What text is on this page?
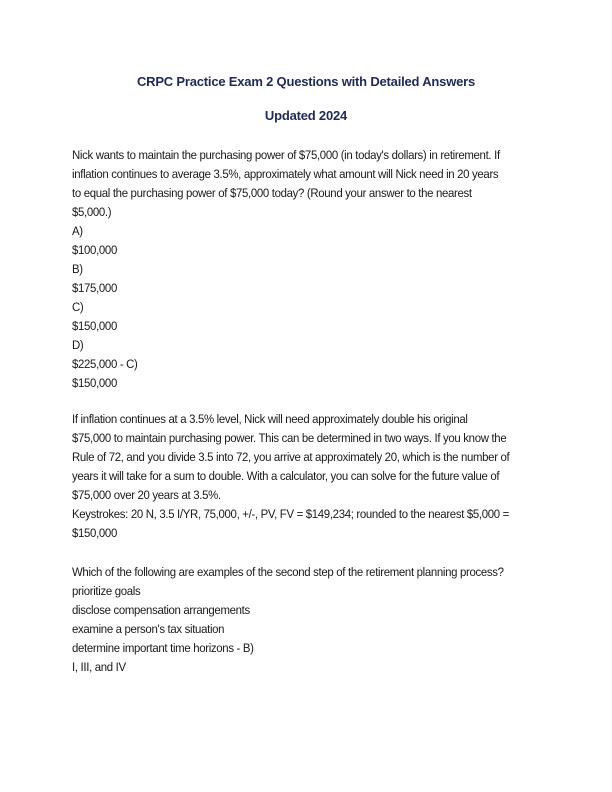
CRPC Practice Exam 2 Questions with Detailed Answers
Updated 2024
Nick wants to maintain the purchasing power of $75,000 (in today's dollars) in retirement. If
inflation continues to average 3.5%, approximately what amount will Nick need in 20 years
to equal the purchasing power of $75,000 today? (Round your answer to the nearest
$5,000.)
A)
$100,000
B)
$175,000
C)
$150,000
D)
$225,000 - C)
$150,000
If inflation continues at a 3.5% level, Nick will need approximately double his original
$75,000 to maintain purchasing power. This can be determined in two ways. If you know the
Rule of 72, and you divide 3.5 into 72, you arrive at approximately 20, which is the number of
years it will take for a sum to double. With a calculator, you can solve for the future value of
$75,000 over 20 years at 3.5%.
Keystrokes: 20 N, 3.5 I/YR, 75,000, +/-, PV, FV = $149,234; rounded to the nearest $5,000 =
$150,000
Which of the following are examples of the second step of the retirement planning process?
prioritize goals
disclose compensation arrangements
examine a person's tax situation
determine important time horizons - B)
I, III, and IV
